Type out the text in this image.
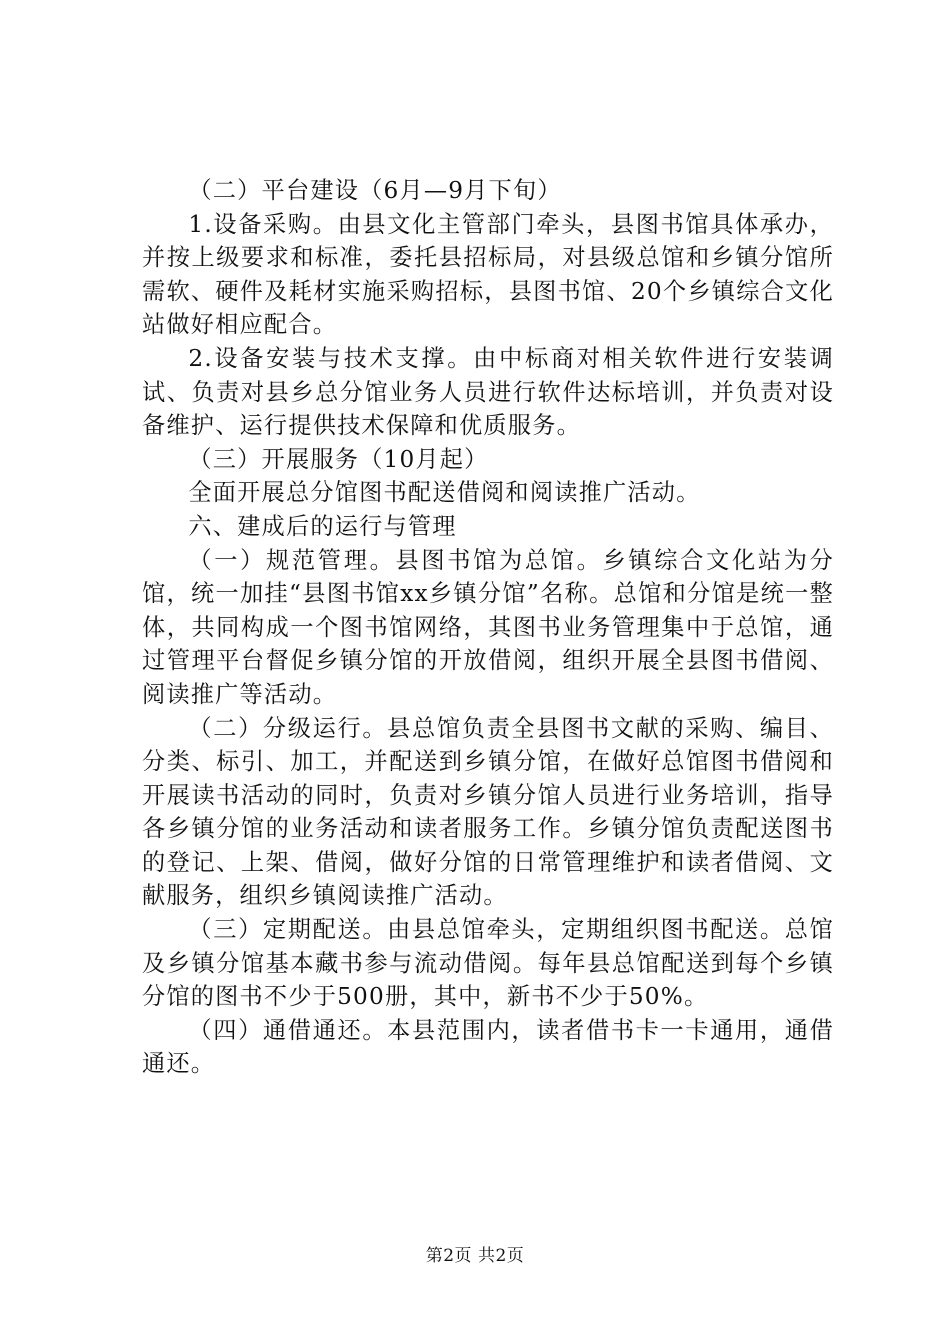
（二）平台建设（6月—9月下旬）

1.设备采购。由县文化主管部门牵头，县图书馆具体承办，并按上级要求和标准，委托县招标局，对县级总馆和乡镇分馆所需软、硬件及耗材实施采购招标，县图书馆、20个乡镇综合文化站做好相应配合。

2.设备安装与技术支撑。由中标商对相关软件进行安装调试、负责对县乡总分馆业务人员进行软件达标培训，并负责对设备维护、运行提供技术保障和优质服务。

（三）开展服务（10月起）

全面开展总分馆图书配送借阅和阅读推广活动。

六、建成后的运行与管理

（一）规范管理。县图书馆为总馆。乡镇综合文化站为分馆，统一加挂“县图书馆xx乡镇分馆”名称。总馆和分馆是统一整体，共同构成一个图书馆网络，其图书业务管理集中于总馆，通过管理平台督促乡镇分馆的开放借阅，组织开展全县图书借阅、阅读推广等活动。

（二）分级运行。县总馆负责全县图书文献的采购、编目、分类、标引、加工，并配送到乡镇分馆，在做好总馆图书借阅和开展读书活动的同时，负责对乡镇分馆人员进行业务培训，指导各乡镇分馆的业务活动和读者服务工作。乡镇分馆负责配送图书的登记、上架、借阅，做好分馆的日常管理维护和读者借阅、文献服务，组织乡镇阅读推广活动。

（三）定期配送。由县总馆牵头，定期组织图书配送。总馆及乡镇分馆基本藏书参与流动借阅。每年县总馆配送到每个乡镇分馆的图书不少于500册，其中，新书不少于50%。

（四）通借通还。本县范围内，读者借书卡一卡通用，通借通还。

第2页 共2页
